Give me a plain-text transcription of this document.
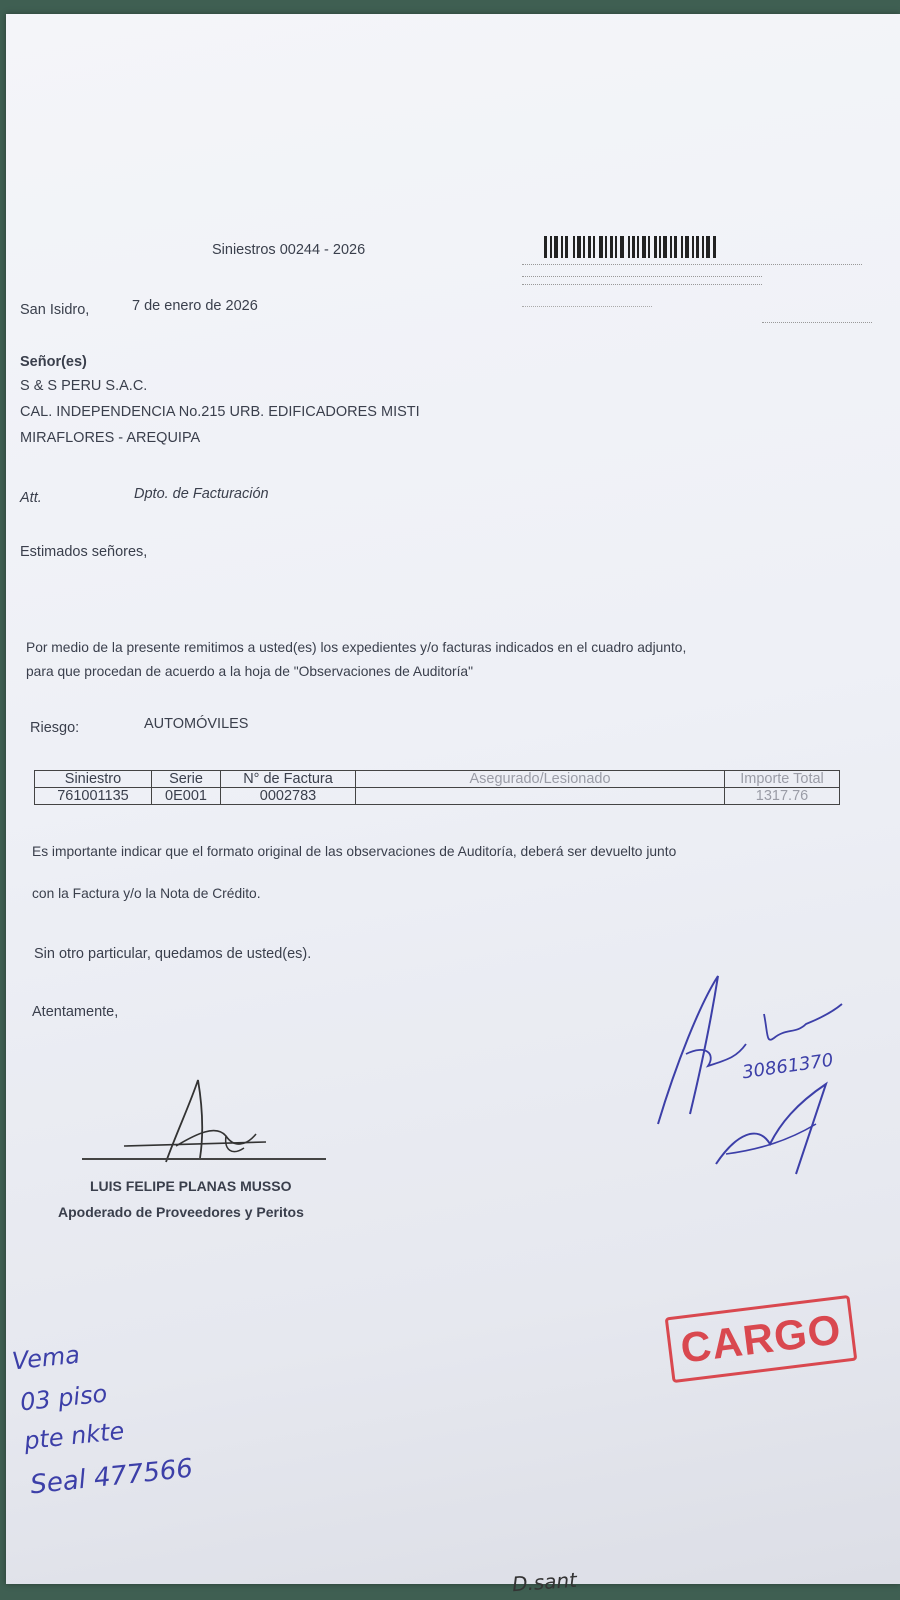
Siniestros 00244 - 2026
San Isidro,	7 de enero de 2026
Señor(es)
S & S PERU S.A.C.
CAL. INDEPENDENCIA No.215 URB. EDIFICADORES MISTI
MIRAFLORES - AREQUIPA
Att.	Dpto. de Facturación
Estimados señores,
Por medio de la presente remitimos a usted(es) los expedientes y/o facturas indicados en el cuadro adjunto,
para que procedan de acuerdo a la hoja de "Observaciones de Auditoría"
Riesgo:	AUTOMÓVILES
Siniestro	Serie	N° de Factura	Asegurado/Lesionado	Importe Total
761001135	0E001	0002783		1317.76
Es importante indicar que el formato original de las observaciones de Auditoría, deberá ser devuelto junto
con la Factura y/o la Nota de Crédito.
Sin otro particular, quedamos de usted(es).
Atentamente,
LUIS FELIPE PLANAS MUSSO
Apoderado de Proveedores y Peritos
30861370
CARGO
Vema
03 piso
pte nkte
Seal 477566
D.sant
